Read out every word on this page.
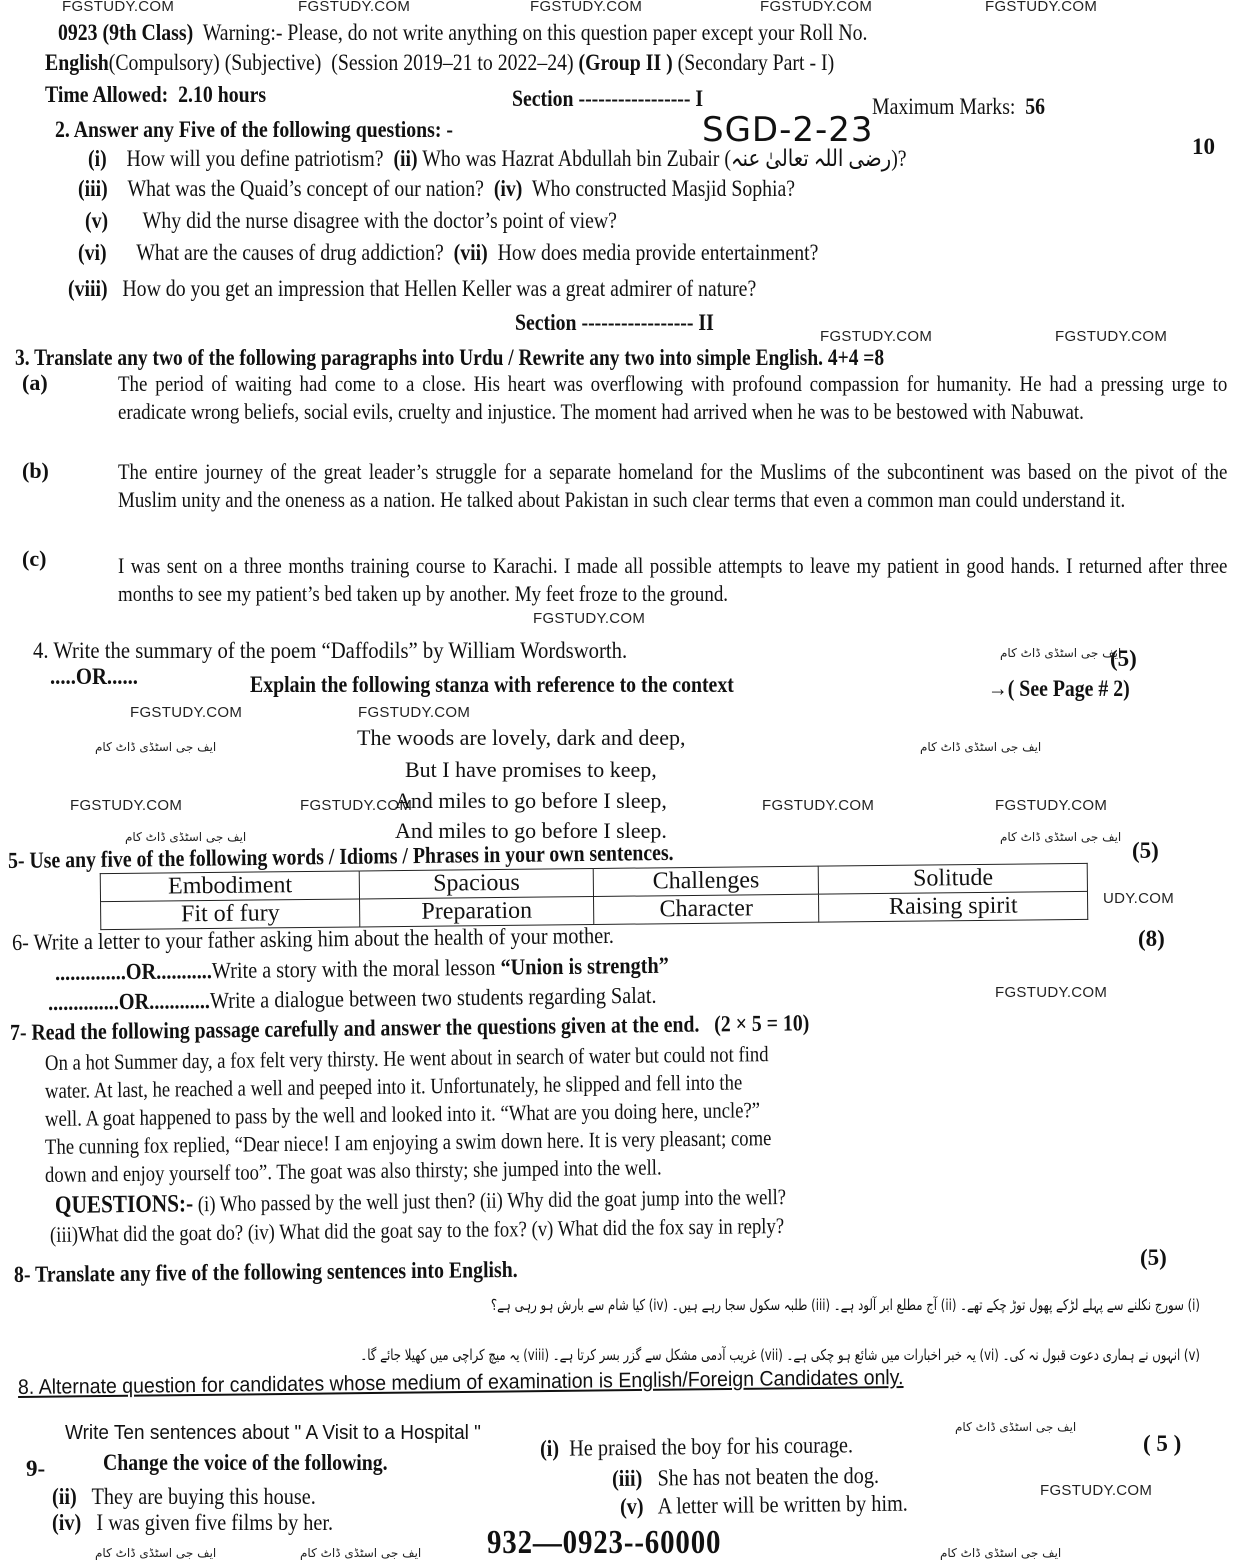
FGSTUDY.COM	FGSTUDY.COM	FGSTUDY.COM	FGSTUDY.COM	FGSTUDY.COM
0923 (9th Class) Warning:- Please, do not write anything on this question paper except your Roll No.
English(Compulsory) (Subjective) (Session 2019–21 to 2022–24) (Group II ) (Secondary Part - I)
Time Allowed: 2.10 hours	Section ----------------- I	Maximum Marks: 56
2. Answer any Five of the following questions: -	SGD-2-23	10
(i) How will you define patriotism? (ii) Who was Hazrat Abdullah bin Zubair (رضی اللہ تعالیٰ عنہ)?
(iii) What was the Quaid’s concept of our nation? (iv) Who constructed Masjid Sophia?
(v) Why did the nurse disagree with the doctor’s point of view?
(vi) What are the causes of drug addiction? (vii) How does media provide entertainment?
(viii) How do you get an impression that Hellen Keller was a great admirer of nature?
Section ----------------- II
FGSTUDY.COM	FGSTUDY.COM
3. Translate any two of the following paragraphs into Urdu / Rewrite any two into simple English. 4+4 =8
(a)	The period of waiting had come to a close. His heart was overflowing with profound compassion for humanity. He had a pressing urge to eradicate wrong beliefs, social evils, cruelty and injustice. The moment had arrived when he was to be bestowed with Nabuwat.
(b)	The entire journey of the great leader’s struggle for a separate homeland for the Muslims of the subcontinent was based on the pivot of the Muslim unity and the oneness as a nation. He talked about Pakistan in such clear terms that even a common man could understand it.
(c)	I was sent on a three months training course to Karachi. I made all possible attempts to leave my patient in good hands. I returned after three months to see my patient’s bed taken up by another. My feet froze to the ground.
FGSTUDY.COM
4. Write the summary of the poem “Daffodils” by William Wordsworth.	ایف جی اسٹڈی ڈاٹ کام
(5)
.....OR......	Explain the following stanza with reference to the context	→( See Page # 2)
FGSTUDY.COM	FGSTUDY.COM
ایف جی اسٹڈی ڈاٹ کام	The woods are lovely, dark and deep,	ایف جی اسٹڈی ڈاٹ کام
But I have promises to keep,
FGSTUDY.COM	FGSTUDY.COM
And miles to go before I sleep,	FGSTUDY.COM	FGSTUDY.COM
ایف جی اسٹڈی ڈاٹ کام	And miles to go before I sleep.	ایف جی اسٹڈی ڈاٹ کام
(5)
5- Use any five of the following words / Idioms / Phrases in your own sentences.
Embodiment	Spacious	Challenges	Solitude
Fit of fury	Preparation	Character	Raising spirit	UDY.COM
(8)
6- Write a letter to your father asking him about the health of your mother.
..............OR...........Write a story with the moral lesson “Union is strength”
FGSTUDY.COM
..............OR............Write a dialogue between two students regarding Salat.
7- Read the following passage carefully and answer the questions given at the end. (2 × 5 = 10)
On a hot Summer day, a fox felt very thirsty. He went about in search of water but could not find
water. At last, he reached a well and peeped into it. Unfortunately, he slipped and fell into the
well. A goat happened to pass by the well and looked into it. “What are you doing here, uncle?”
The cunning fox replied, “Dear niece! I am enjoying a swim down here. It is very pleasant; come
down and enjoy yourself too”. The goat was also thirsty; she jumped into the well.
QUESTIONS:- (i) Who passed by the well just then? (ii) Why did the goat jump into the well?
(iii)What did the goat do? (iv) What did the goat say to the fox? (v) What did the fox say in reply?
(5)
8- Translate any five of the following sentences into English.
(i) سورج نکلنے سے پہلے لڑکے پھول توڑ چکے تھے۔ (ii) آج مطلع ابر آلود ہے۔ (iii) طلبہ سکول سجا رہے ہیں۔ (iv) کیا شام سے بارش ہو رہی ہے؟
(v) انہوں نے ہماری دعوت قبول نہ کی۔ (vi) یہ خبر اخبارات میں شائع ہو چکی ہے۔ (vii) غریب آدمی مشکل سے گزر بسر کرتا ہے۔ (viii) یہ میچ کراچی میں کھیلا جائے گا۔
8. Alternate question for candidates whose medium of examination is English/Foreign Candidates only.
Write Ten sentences about " A Visit to a Hospital "	ایف جی اسٹڈی ڈاٹ کام
( 5 )
9-	Change the voice of the following.
(i) He praised the boy for his courage.
(ii) They are buying this house.
(iii) She has not beaten the dog.
FGSTUDY.COM
(iv) I was given five films by her.
(v) A letter will be written by him.
ایف جی اسٹڈی ڈاٹ کام	ایف جی اسٹڈی ڈاٹ کام 932—0923--60000	ایف جی اسٹڈی ڈاٹ کام
